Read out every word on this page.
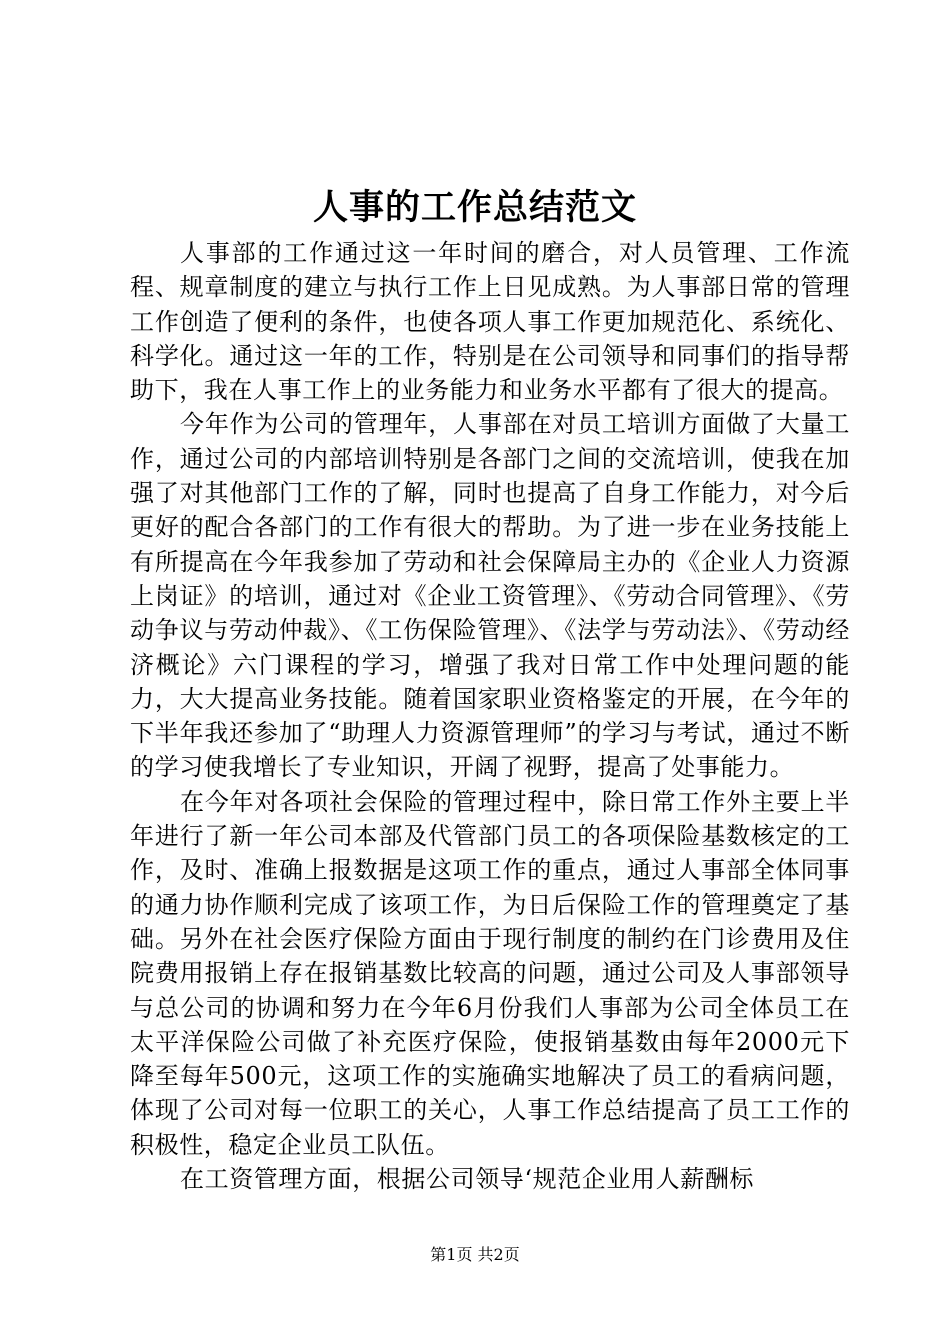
人事的工作总结范文

人事部的工作通过这一年时间的磨合，对人员管理、工作流程、规章制度的建立与执行工作上日见成熟。为人事部日常的管理工作创造了便利的条件，也使各项人事工作更加规范化、系统化、科学化。通过这一年的工作，特别是在公司领导和同事们的指导帮助下，我在人事工作上的业务能力和业务水平都有了很大的提高。

今年作为公司的管理年，人事部在对员工培训方面做了大量工作，通过公司的内部培训特别是各部门之间的交流培训，使我在加强了对其他部门工作的了解，同时也提高了自身工作能力，对今后更好的配合各部门的工作有很大的帮助。为了进一步在业务技能上有所提高在今年我参加了劳动和社会保障局主办的《企业人力资源上岗证》的培训，通过对《企业工资管理》、《劳动合同管理》、《劳动争议与劳动仲裁》、《工伤保险管理》、《法学与劳动法》、《劳动经济概论》六门课程的学习，增强了我对日常工作中处理问题的能力，大大提高业务技能。随着国家职业资格鉴定的开展，在今年的下半年我还参加了“助理人力资源管理师”的学习与考试，通过不断的学习使我增长了专业知识，开阔了视野，提高了处事能力。

在今年对各项社会保险的管理过程中，除日常工作外主要上半年进行了新一年公司本部及代管部门员工的各项保险基数核定的工作，及时、准确上报数据是这项工作的重点，通过人事部全体同事的通力协作顺利完成了该项工作，为日后保险工作的管理奠定了基础。另外在社会医疗保险方面由于现行制度的制约在门诊费用及住院费用报销上存在报销基数比较高的问题，通过公司及人事部领导与总公司的协调和努力在今年6月份我们人事部为公司全体员工在太平洋保险公司做了补充医疗保险，使报销基数由每年2000元下降至每年500元，这项工作的实施确实地解决了员工的看病问题，体现了公司对每一位职工的关心，人事工作总结提高了员工工作的积极性，稳定企业员工队伍。

在工资管理方面，根据公司领导‘规范企业用人薪酬标

第1页 共2页
